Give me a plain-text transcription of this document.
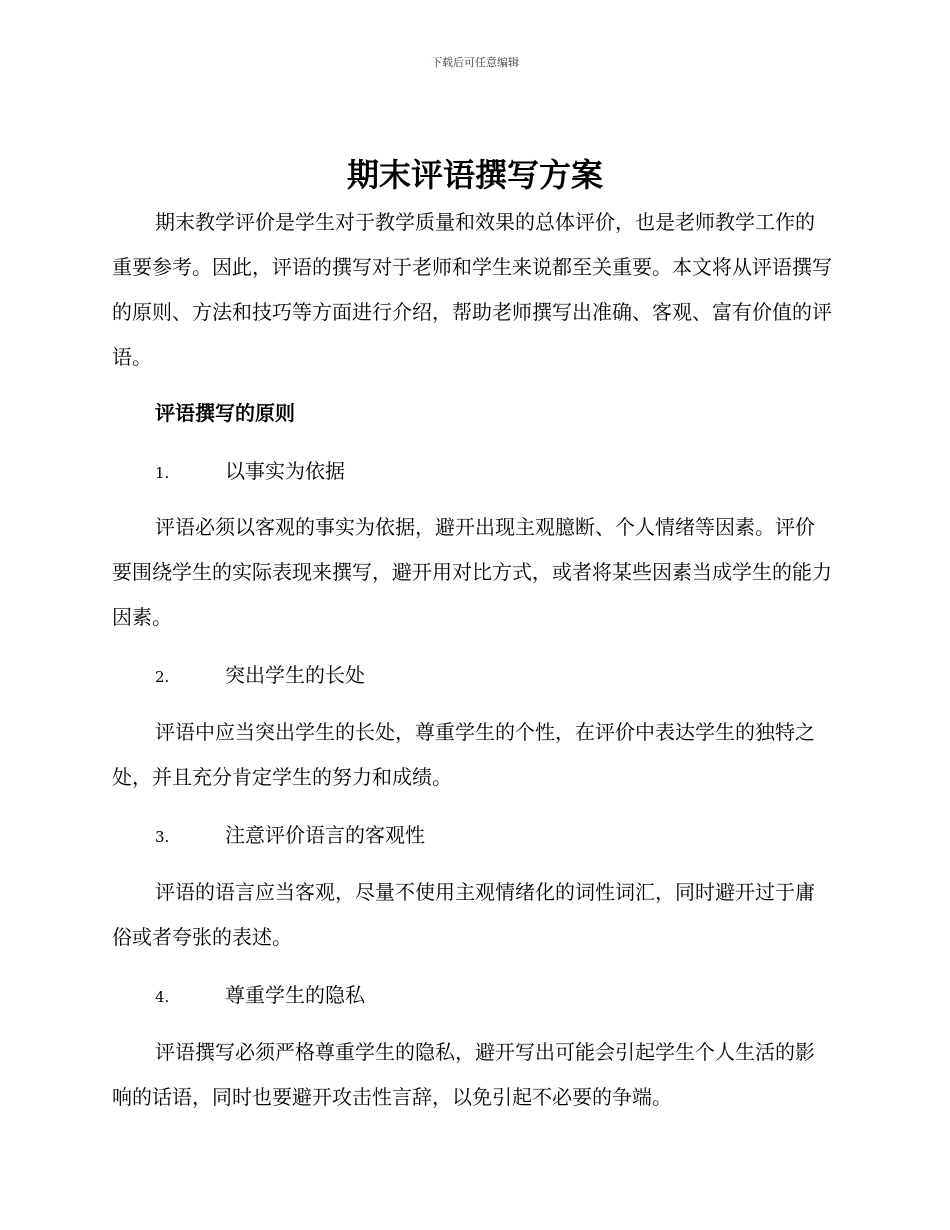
下载后可任意编辑
期末评语撰写方案

期末教学评价是学生对于教学质量和效果的总体评价，也是老师教学工作的重要参考。因此，评语的撰写对于老师和学生来说都至关重要。本文将从评语撰写的原则、方法和技巧等方面进行介绍，帮助老师撰写出准确、客观、富有价值的评语。

评语撰写的原则
1.	以事实为依据

评语必须以客观的事实为依据，避开出现主观臆断、个人情绪等因素。评价要围绕学生的实际表现来撰写，避开用对比方式，或者将某些因素当成学生的能力因素。

2.	突出学生的长处

评语中应当突出学生的长处，尊重学生的个性，在评价中表达学生的独特之处，并且充分肯定学生的努力和成绩。

3.	注意评价语言的客观性

评语的语言应当客观，尽量不使用主观情绪化的词性词汇，同时避开过于庸俗或者夸张的表述。

4.	尊重学生的隐私

评语撰写必须严格尊重学生的隐私，避开写出可能会引起学生个人生活的影响的话语，同时也要避开攻击性言辞，以免引起不必要的争端。
